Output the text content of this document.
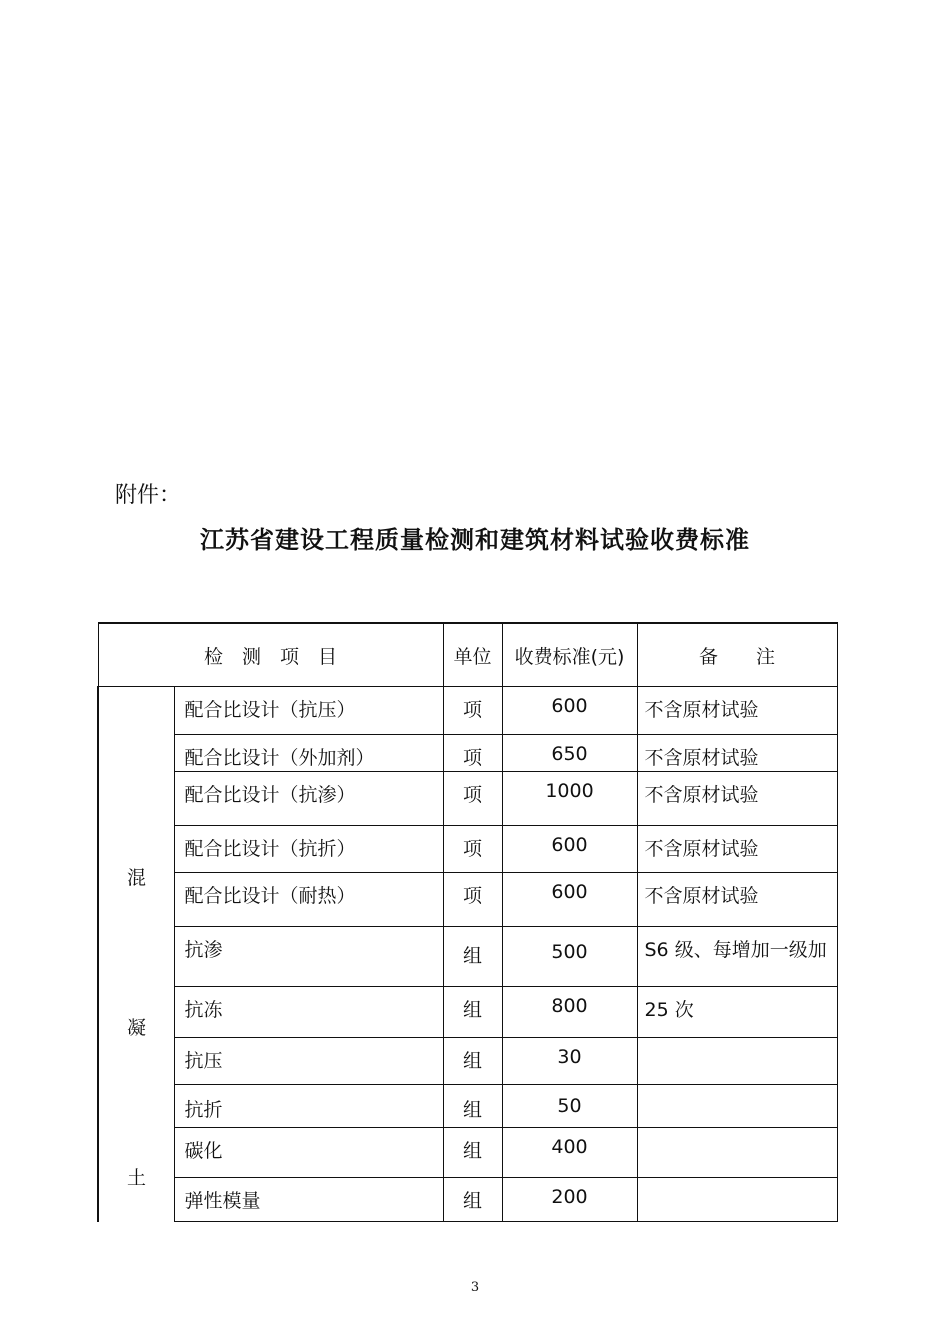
附件：
江苏省建设工程质量检测和建筑材料试验收费标准
检　测　项　目		单位	收费标准(元)	备　　注

混
凝
土	配合比设计（抗压）	项	600	不含原材试验
	配合比设计（外加剂）	项	650	不含原材试验
	配合比设计（抗渗）	项	1000	不含原材试验
	配合比设计（抗折）	项	600	不含原材试验
	配合比设计（耐热）	项	600	不含原材试验
	抗渗	组	500	S6 级、每增加一级加
	抗冻	组	800	25 次
	抗压	组	30	
	抗折	组	50	
	碳化	组	400	
	弹性模量	组	200	
3
